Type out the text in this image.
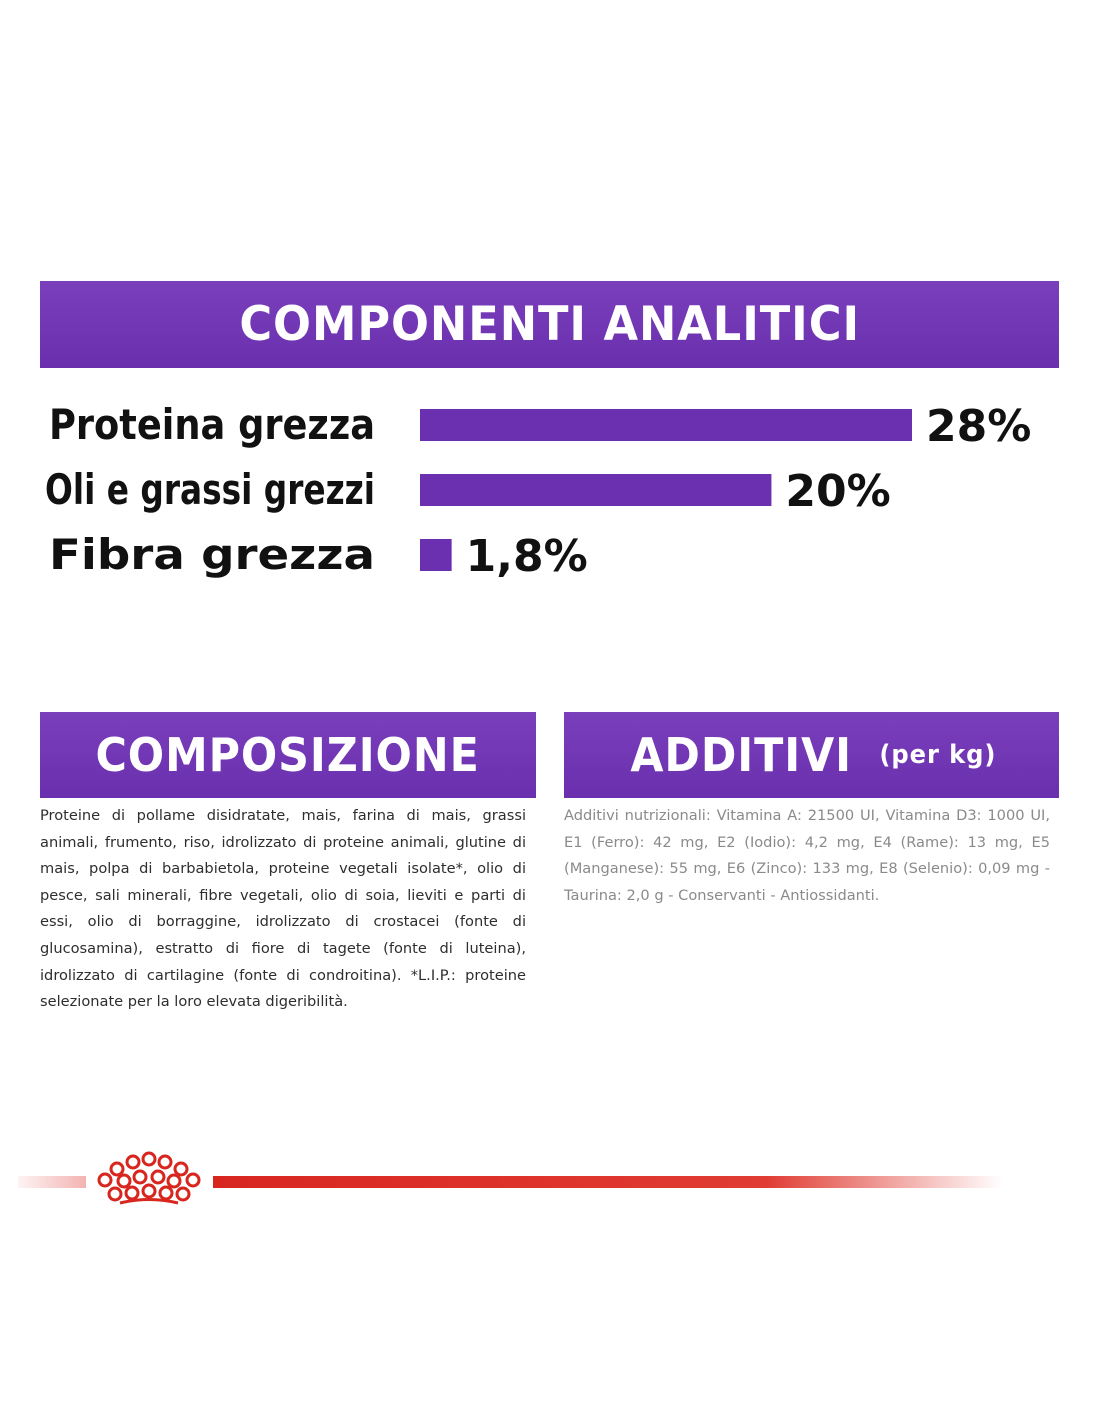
COMPONENTI ANALITICI
Proteina grezza	28%
Oli e grassi grezzi	20%
Fibra grezza 1,8%
COMPOSIZIONE

Proteine di pollame disidratate, mais, farina di mais, grassi animali, frumento, riso, idrolizzato di proteine animali, glutine di mais, polpa di barbabietola, proteine vegetali isolate*, olio di pesce, sali minerali, fibre vegetali, olio di soia, lieviti e parti di essi, olio di borraggine, idrolizzato di crostacei (fonte di glucosamina), estratto di fiore di tagete (fonte di luteina), idrolizzato di cartilagine (fonte di condroitina). *L.I.P.: proteine selezionate per la loro elevata digeribilità.

ADDITIVI (per kg)

Additivi nutrizionali: Vitamina A: 21500 UI, Vitamina D3: 1000 UI, E1 (Ferro): 42 mg, E2 (Iodio): 4,2 mg, E4 (Rame): 13 mg, E5 (Manganese): 55 mg, E6 (Zinco): 133 mg, E8 (Selenio): 0,09 mg - Taurina: 2,0 g - Conservanti - Antiossidanti.
